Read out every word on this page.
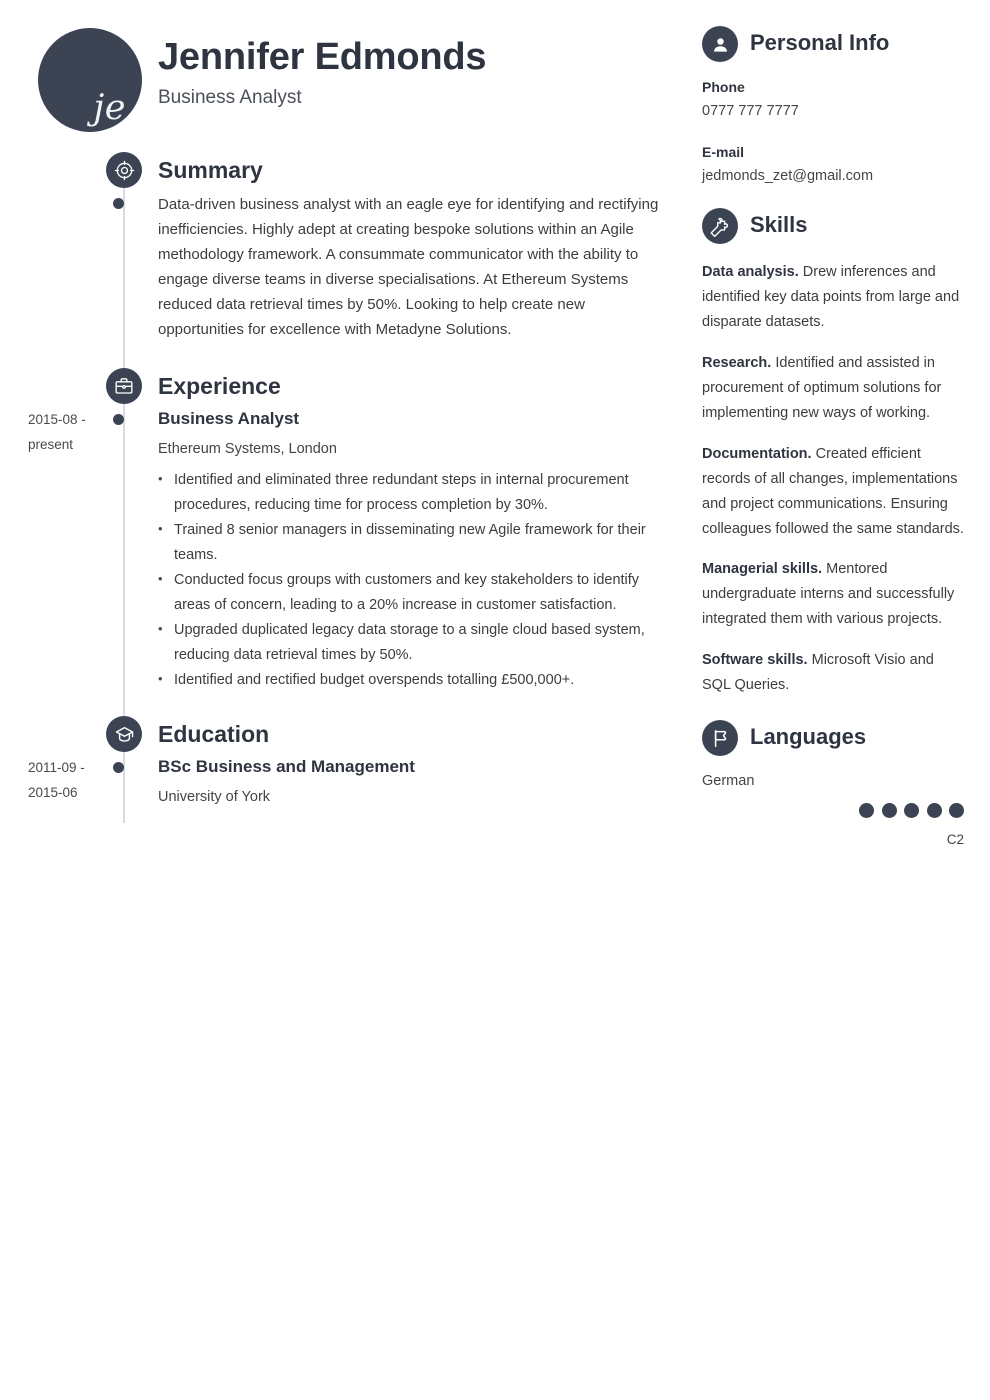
je
Jennifer Edmonds

Business Analyst

Summary

Data-driven business analyst with an eagle eye for identifying and rectifying inefficiencies. Highly adept at creating bespoke solutions within an Agile methodology framework. A consummate communicator with the ability to engage diverse teams in diverse specialisations. At Ethereum Systems reduced data retrieval times by 50%. Looking to help create new opportunities for excellence with Metadyne Solutions.

Experience
2015-08 - present

Business Analyst

Ethereum Systems, London

• Identified and eliminated three redundant steps in internal procurement procedures, reducing time for process completion by 30%.
• Trained 8 senior managers in disseminating new Agile framework for their teams.
• Conducted focus groups with customers and key stakeholders to identify areas of concern, leading to a 20% increase in customer satisfaction.
• Upgraded duplicated legacy data storage to a single cloud based system, reducing data retrieval times by 50%.
• Identified and rectified budget overspends totalling £500,000+.
Education
2011-09 - 2015-06

BSc Business and Management

University of York

Personal Info

Phone

0777 777 7777

E-mail

jedmonds_zet@gmail.com

Skills

Data analysis. Drew inferences and identified key data points from large and disparate datasets.

Research. Identified and assisted in procurement of optimum solutions for implementing new ways of working.

Documentation. Created efficient records of all changes, implementations and project communications. Ensuring colleagues followed the same standards.

Managerial skills. Mentored undergraduate interns and successfully integrated them with various projects.

Software skills. Microsoft Visio and SQL Queries.

Languages

German

C2
